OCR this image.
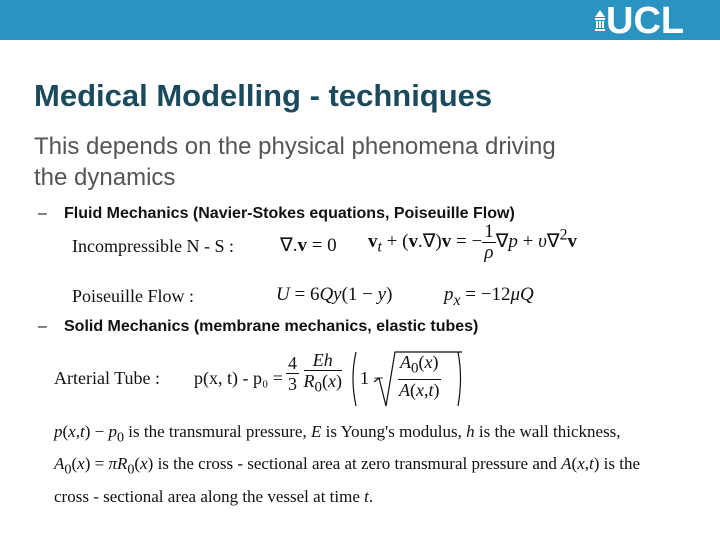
UCL
Medical Modelling - techniques
This depends on the physical phenomena driving
the dynamics
– Fluid Mechanics (Navier-Stokes equations, Poiseuille Flow)
Incompressible N - S : ∇.v = 0 $v_t + (v.\nabla)v$ = − $\frac{1}{\rho} \nabla p + \upsilon\nabla^2v$
Poiseuille Flow :	U = 6Qy(1 − y)	$p_x = -12\mu Q$
– Solid Mechanics (membrane mechanics, elastic tubes)
Arterial Tube : p(x, $t) - p_0 = \frac{4}{3}$
$\frac{Eh}{R_0(x)} 1 - \frac{A_0(x)}{A(x,t)}$
$p(x,t) - p_0$ is the transmural pressure, E is Young's modulus, h is the wall thickness,
$A_0(x) = \pi R_0(x)$ is the cross - sectional area at zero transmural pressure and A(x,t) is the
cross - sectional area along the vessel at time t.
